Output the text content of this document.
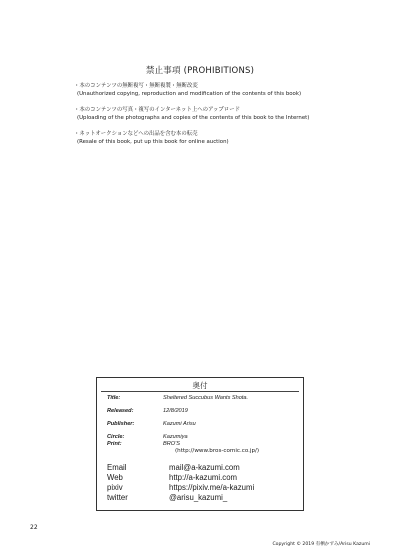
禁止事項 (PROHIBITIONS)
・本のコンテンツの無断複写・無断複製・無断改変
(Unauthorized copying, reproduction and modification of the contents of this book)
・本のコンテンツの写真・複写のインターネット上へのアップロード
(Uploading of the photographs and copies of the contents of this book to the Internet)
・ネットオークションなどへの出品を含む本の転売
(Resale of this book, put up this book for online auction)
奥付
Title:	Sheltered Succubus Wants Shota.
Released:	12/8/2019
Publisher:	Kazumi Arisu
Circle:	Kazumiya
Print:	BRO'S
(http://www.bros-comic.co.jp/)
Email	mail@a-kazumi.com
Web	http://a-kazumi.com
pixiv	https://pixiv.me/a-kazumi
twitter	@arisu_kazumi_
22
Copyright © 2019 有栖かずみ/Arisu Kazumi
